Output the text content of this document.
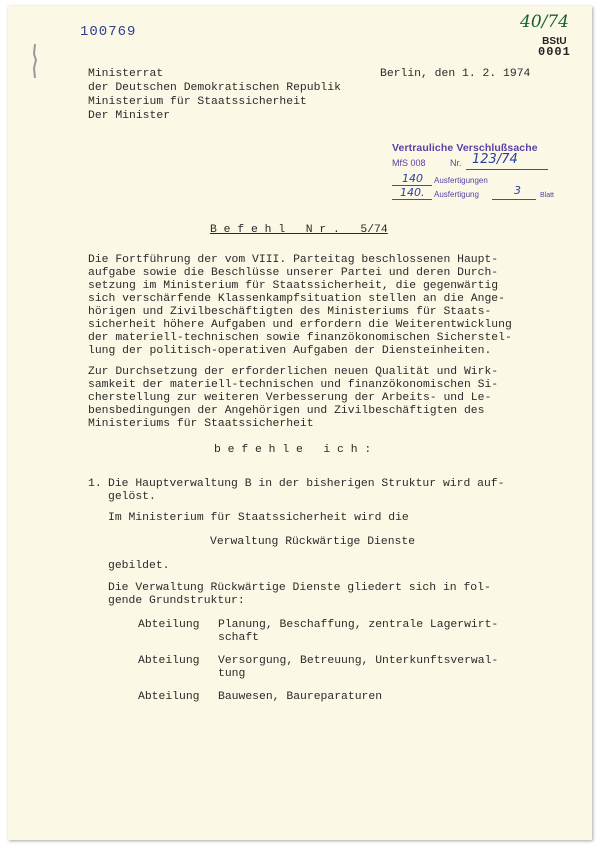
100769	40/74
BStU
0001
Ministerrat
der Deutschen Demokratischen Republik
Ministerium für Staatssicherheit
Der Minister
Berlin, den 1. 2. 1974
Vertrauliche Verschlußsache
MfS 008	Nr. 123/74
140 Ausfertigungen
140. Ausfertigung	3	Blatt
B e f e h l   N r .   5/74
Die Fortführung der vom VIII. Parteitag beschlossenen Haupt-
aufgabe sowie die Beschlüsse unserer Partei und deren Durch-
setzung im Ministerium für Staatssicherheit, die gegenwärtig
sich verschärfende Klassenkampfsituation stellen an die Ange-
hörigen und Zivilbeschäftigten des Ministeriums für Staats-
sicherheit höhere Aufgaben und erfordern die Weiterentwicklung
der materiell-technischen sowie finanzökonomischen Sicherstel-
lung der politisch-operativen Aufgaben der Diensteinheiten.
Zur Durchsetzung der erforderlichen neuen Qualität und Wirk-
samkeit der materiell-technischen und finanzökonomischen Si-
cherstellung zur weiteren Verbesserung der Arbeits- und Le-
bensbedingungen der Angehörigen und Zivilbeschäftigten des
Ministeriums für Staatssicherheit
b e f e h l e   i c h :
1. Die Hauptverwaltung B in der bisherigen Struktur wird auf-
gelöst.
Im Ministerium für Staatssicherheit wird die
Verwaltung Rückwärtige Dienste
gebildet.
Die Verwaltung Rückwärtige Dienste gliedert sich in fol-
gende Grundstruktur:
Abteilung Planung, Beschaffung, zentrale Lagerwirt-
schaft
Abteilung Versorgung, Betreuung, Unterkunftsverwal-
tung
Abteilung Bauwesen, Baureparaturen
